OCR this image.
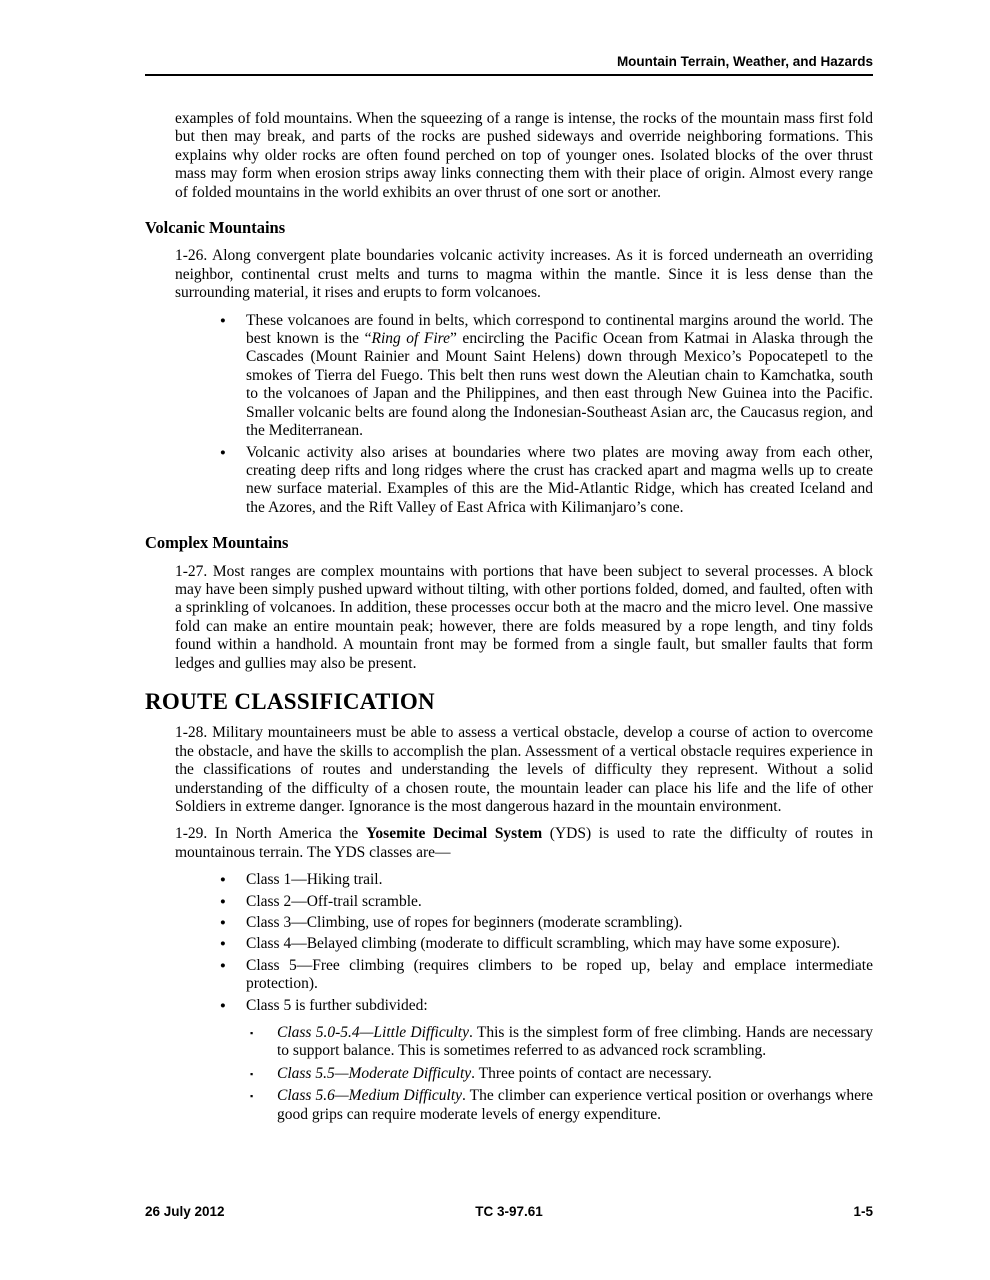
Mountain Terrain, Weather, and Hazards

examples of fold mountains. When the squeezing of a range is intense, the rocks of the mountain mass first fold but then may break, and parts of the rocks are pushed sideways and override neighboring formations. This explains why older rocks are often found perched on top of younger ones. Isolated blocks of the over thrust mass may form when erosion strips away links connecting them with their place of origin. Almost every range of folded mountains in the world exhibits an over thrust of one sort or another.

Volcanic Mountains

1-26. Along convergent plate boundaries volcanic activity increases. As it is forced underneath an overriding neighbor, continental crust melts and turns to magma within the mantle. Since it is less dense than the surrounding material, it rises and erupts to form volcanoes.

●	These volcanoes are found in belts, which correspond to continental margins around the world. The best known is the “Ring of Fire” encircling the Pacific Ocean from Katmai in Alaska through the Cascades (Mount Rainier and Mount Saint Helens) down through Mexico’s Popocatepetl to the smokes of Tierra del Fuego. This belt then runs west down the Aleutian chain to Kamchatka, south to the volcanoes of Japan and the Philippines, and then east through New Guinea into the Pacific. Smaller volcanic belts are found along the Indonesian-Southeast Asian arc, the Caucasus region, and the Mediterranean.
●	Volcanic activity also arises at boundaries where two plates are moving away from each other, creating deep rifts and long ridges where the crust has cracked apart and magma wells up to create new surface material. Examples of this are the Mid-Atlantic Ridge, which has created Iceland and the Azores, and the Rift Valley of East Africa with Kilimanjaro’s cone.
Complex Mountains

1-27. Most ranges are complex mountains with portions that have been subject to several processes. A block may have been simply pushed upward without tilting, with other portions folded, domed, and faulted, often with a sprinkling of volcanoes. In addition, these processes occur both at the macro and the micro level. One massive fold can make an entire mountain peak; however, there are folds measured by a rope length, and tiny folds found within a handhold. A mountain front may be formed from a single fault, but smaller faults that form ledges and gullies may also be present.

ROUTE CLASSIFICATION

1-28. Military mountaineers must be able to assess a vertical obstacle, develop a course of action to overcome the obstacle, and have the skills to accomplish the plan. Assessment of a vertical obstacle requires experience in the classifications of routes and understanding the levels of difficulty they represent. Without a solid understanding of the difficulty of a chosen route, the mountain leader can place his life and the life of other Soldiers in extreme danger. Ignorance is the most dangerous hazard in the mountain environment.

1-29. In North America the Yosemite Decimal System (YDS) is used to rate the difficulty of routes in mountainous terrain. The YDS classes are—

●	Class 1—Hiking trail.
●	Class 2—Off-trail scramble.
●	Class 3—Climbing, use of ropes for beginners (moderate scrambling).
●	Class 4—Belayed climbing (moderate to difficult scrambling, which may have some exposure).
●	Class 5—Free climbing (requires climbers to be roped up, belay and emplace intermediate protection).
●	Class 5 is further subdivided:
▪	Class 5.0-5.4—Little Difficulty. This is the simplest form of free climbing. Hands are necessary to support balance. This is sometimes referred to as advanced rock scrambling.
▪	Class 5.5—Moderate Difficulty. Three points of contact are necessary.
▪	Class 5.6—Medium Difficulty. The climber can experience vertical position or overhangs where good grips can require moderate levels of energy expenditure.
26 July 2012	TC 3-97.61	1-5
